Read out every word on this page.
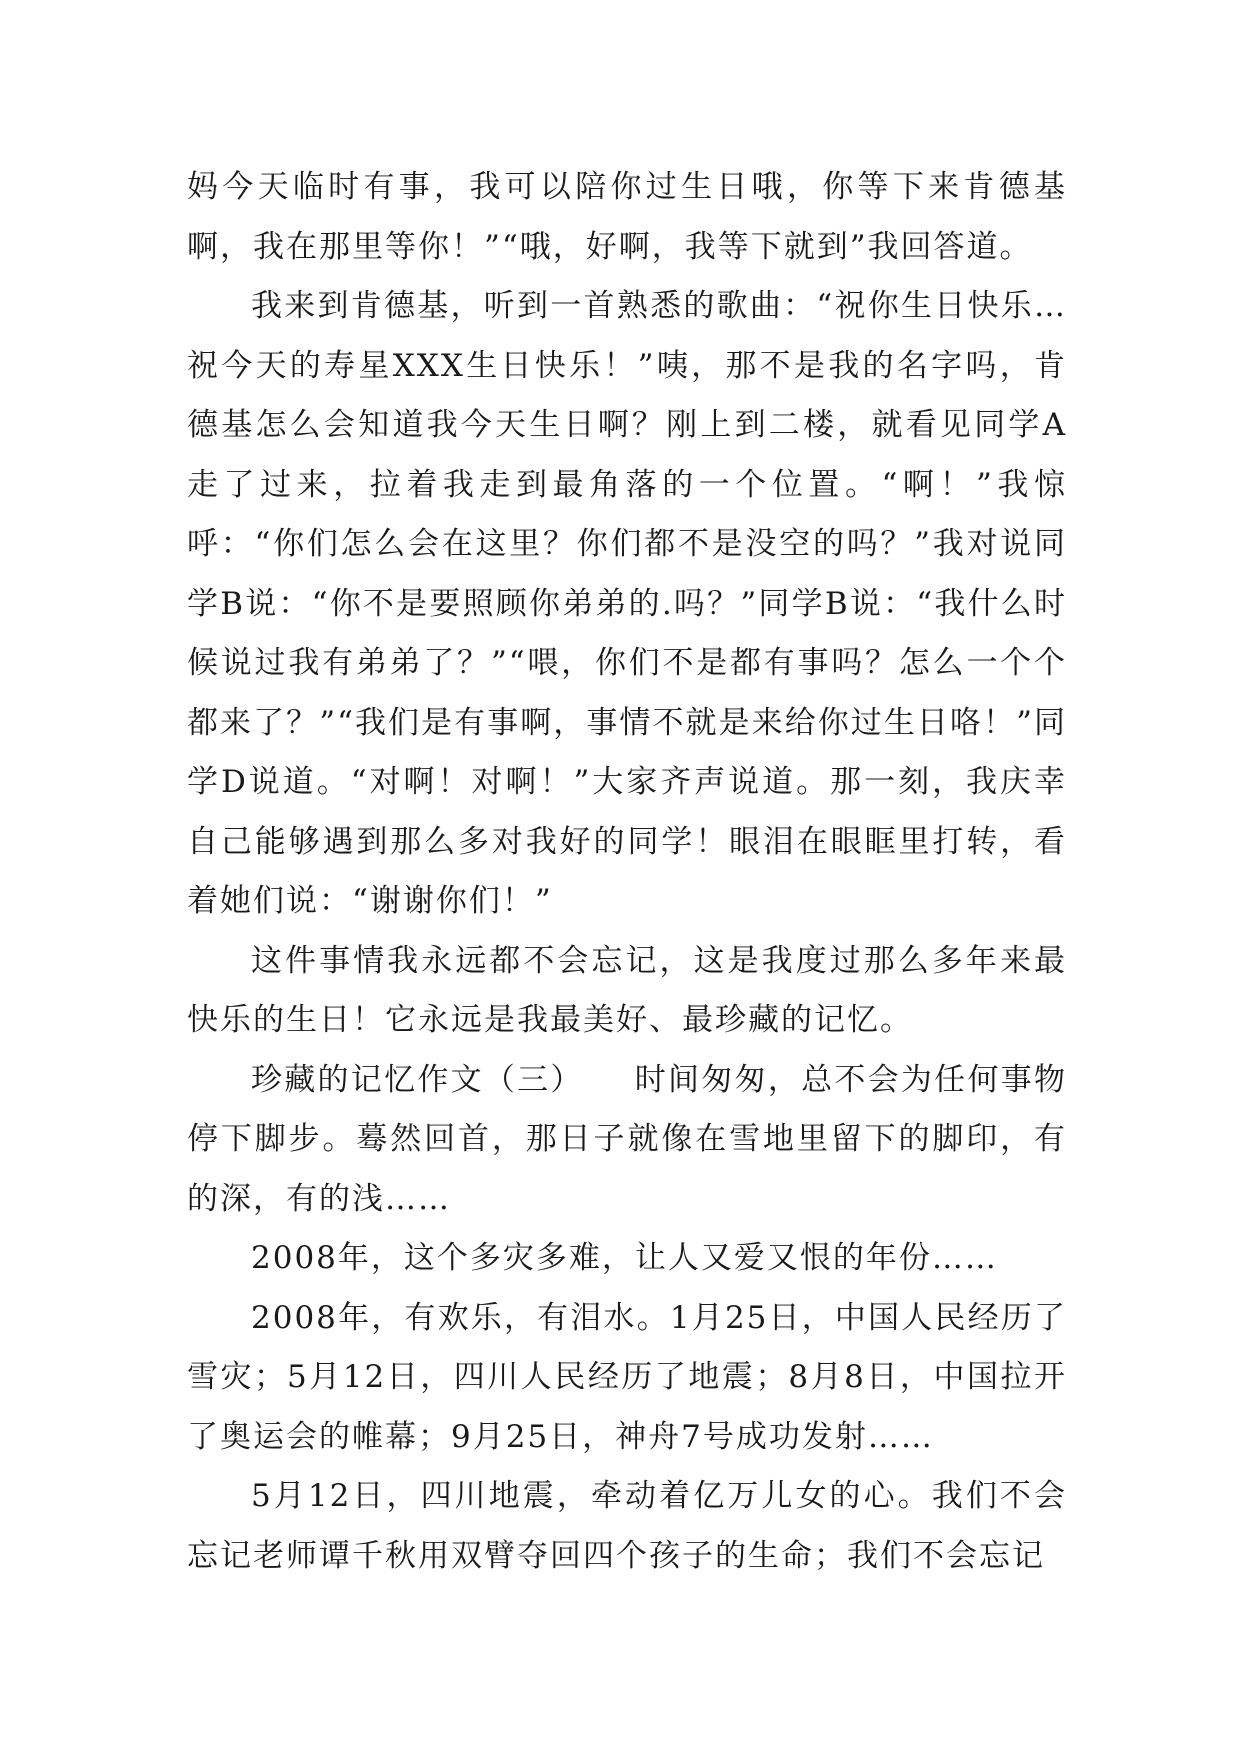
妈今天临时有事，我可以陪你过生日哦，你等下来肯德基啊，我在那里等你！”“哦，好啊，我等下就到”我回答道。

我来到肯德基，听到一首熟悉的歌曲：“祝你生日快乐…祝今天的寿星XXX生日快乐！”咦，那不是我的名字吗，肯德基怎么会知道我今天生日啊？刚上到二楼，就看见同学A走了过来，拉着我走到最角落的一个位置。“啊！”我惊呼：“你们怎么会在这里？你们都不是没空的吗？”我对说同学B说：“你不是要照顾你弟弟的.吗？”同学B说：“我什么时候说过我有弟弟了？”“喂，你们不是都有事吗？怎么一个个都来了？”“我们是有事啊，事情不就是来给你过生日咯！”同学D说道。“对啊！对啊！”大家齐声说道。那一刻，我庆幸自己能够遇到那么多对我好的同学！眼泪在眼眶里打转，看着她们说：“谢谢你们！”

这件事情我永远都不会忘记，这是我度过那么多年来最快乐的生日！它永远是我最美好、最珍藏的记忆。

珍藏的记忆作文（三）　　时间匆匆，总不会为任何事物停下脚步。蓦然回首，那日子就像在雪地里留下的脚印，有的深，有的浅……

2008年，这个多灾多难，让人又爱又恨的年份……

2008年，有欢乐，有泪水。1月25日，中国人民经历了雪灾；5月12日，四川人民经历了地震；8月8日，中国拉开了奥运会的帷幕；9月25日，神舟7号成功发射……

5月12日，四川地震，牵动着亿万儿女的心。我们不会忘记老师谭千秋用双臂夺回四个孩子的生命；我们不会忘记
